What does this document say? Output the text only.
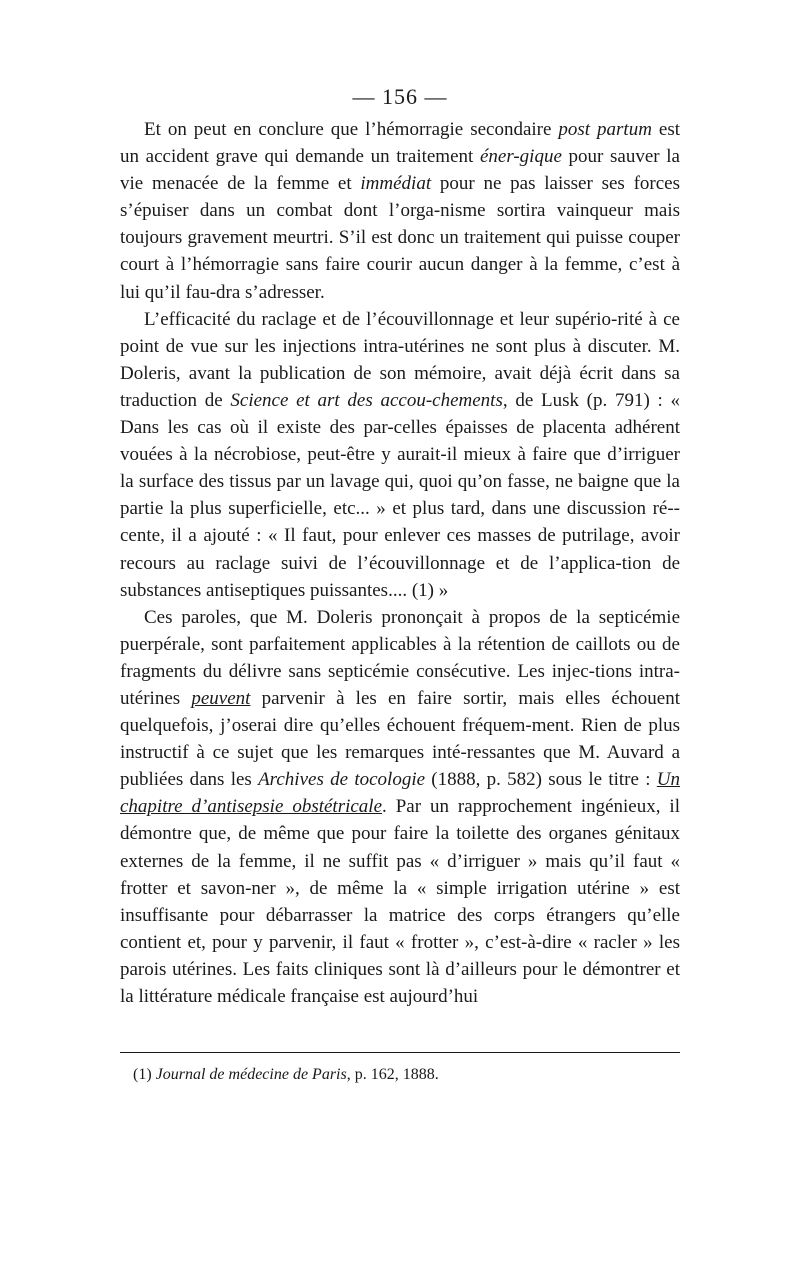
— 156 —

Et on peut en conclure que l’hémorragie secondaire post partum est un accident grave qui demande un traitement éner-gique pour sauver la vie menacée de la femme et immédiat pour ne pas laisser ses forces s’épuiser dans un combat dont l’orga-nisme sortira vainqueur mais toujours gravement meurtri. S’il est donc un traitement qui puisse couper court à l’hémorragie sans faire courir aucun danger à la femme, c’est à lui qu’il fau-dra s’adresser.

L’efficacité du raclage et de l’écouvillonnage et leur supério-rité à ce point de vue sur les injections intra-utérines ne sont plus à discuter. M. Doleris, avant la publication de son mémoire, avait déjà écrit dans sa traduction de Science et art des accou-chements, de Lusk (p. 791) : « Dans les cas où il existe des par-celles épaisses de placenta adhérent vouées à la nécrobiose, peut-être y aurait-il mieux à faire que d’irriguer la surface des tissus par un lavage qui, quoi qu’on fasse, ne baigne que la partie la plus superficielle, etc... » et plus tard, dans une discussion ré-cente, il a ajouté : « Il faut, pour enlever ces masses de putrilage, avoir recours au raclage suivi de l’écouvillonnage et de l’applica-tion de substances antiseptiques puissantes.... (1) »

Ces paroles, que M. Doleris prononçait à propos de la septicémie puerpérale, sont parfaitement applicables à la rétention de caillots ou de fragments du délivre sans septicémie consécutive. Les injec-tions intra-utérines peuvent parvenir à les en faire sortir, mais elles échouent quelquefois, j’oserai dire qu’elles échouent fréquem-ment. Rien de plus instructif à ce sujet que les remarques inté-ressantes que M. Auvard a publiées dans les Archives de tocologie (1888, p. 582) sous le titre : Un chapitre d’antisepsie obstétricale. Par un rapprochement ingénieux, il démontre que, de même que pour faire la toilette des organes génitaux externes de la femme, il ne suffit pas « d’irriguer » mais qu’il faut « frotter et savon-ner », de même la « simple irrigation utérine » est insuffisante pour débarrasser la matrice des corps étrangers qu’elle contient et, pour y parvenir, il faut « frotter », c’est-à-dire « racler » les parois utérines. Les faits cliniques sont là d’ailleurs pour le démontrer et la littérature médicale française est aujourd’hui

(1) Journal de médecine de Paris, p. 162, 1888.
